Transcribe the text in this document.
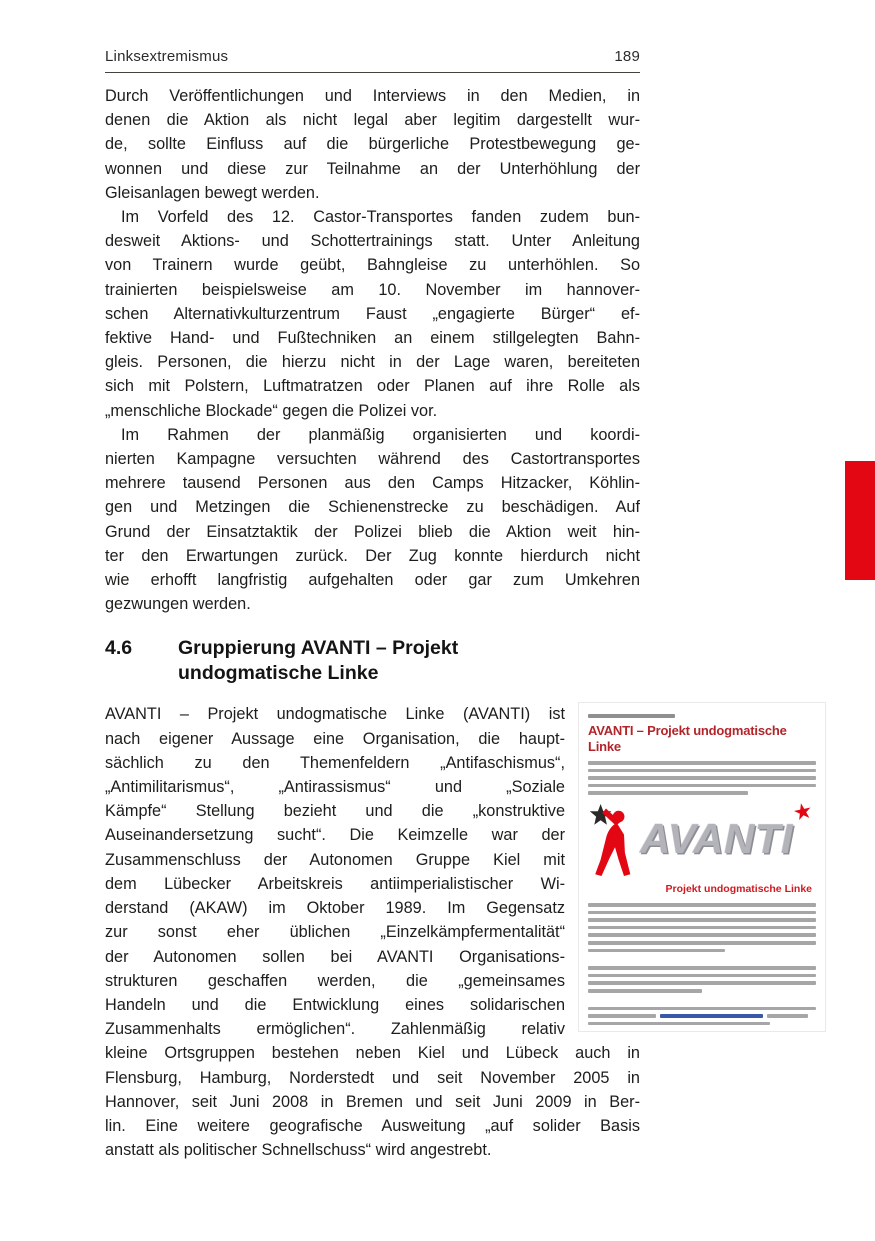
Linksextremismus	189
Durch Veröffentlichungen und Interviews in den Medien, in
denen die Aktion als nicht legal aber legitim dargestellt wur-
de, sollte Einfluss auf die bürgerliche Protestbewegung ge-
wonnen und diese zur Teilnahme an der Unterhöhlung der
Gleisanlagen bewegt werden.
Im Vorfeld des 12. Castor-Transportes fanden zudem bun-
desweit Aktions- und Schottertrainings statt. Unter Anleitung
von Trainern wurde geübt, Bahngleise zu unterhöhlen. So
trainierten beispielsweise am 10. November im hannover-
schen Alternativkulturzentrum Faust „engagierte Bürger“ ef-
fektive Hand- und Fußtechniken an einem stillgelegten Bahn-
gleis. Personen, die hierzu nicht in der Lage waren, bereiteten
sich mit Polstern, Luftmatratzen oder Planen auf ihre Rolle als
„menschliche Blockade“ gegen die Polizei vor.
Im Rahmen der planmäßig organisierten und koordi-
nierten Kampagne versuchten während des Castortransportes
mehrere tausend Personen aus den Camps Hitzacker, Köhlin-
gen und Metzingen die Schienenstrecke zu beschädigen. Auf
Grund der Einsatztaktik der Polizei blieb die Aktion weit hin-
ter den Erwartungen zurück. Der Zug konnte hierdurch nicht
wie erhofft langfristig aufgehalten oder gar zum Umkehren
gezwungen werden.
4.6	Gruppierung AVANTI – Projekt
undogmatische Linke
AVANTI – Projekt undogmatische Linke (AVANTI) ist
nach eigener Aussage eine Organisation, die haupt-
sächlich zu den Themenfeldern „Antifaschismus“,
„Antimilitarismus“, „Antirassismus“ und „Soziale
Kämpfe“ Stellung bezieht und die „konstruktive
Auseinandersetzung sucht“. Die Keimzelle war der
Zusammenschluss der Autonomen Gruppe Kiel mit
dem Lübecker Arbeitskreis antiimperialistischer Wi-
derstand (AKAW) im Oktober 1989. Im Gegensatz
zur sonst eher üblichen „Einzelkämpfermentalität“
der Autonomen sollen bei AVANTI Organisations-
strukturen geschaffen werden, die „gemeinsames
Handeln und die Entwicklung eines solidarischen
Zusammenhalts ermöglichen“. Zahlenmäßig relativ
AVANTI – Projekt undogmatische
Linke
AVANTI
★
Projekt undogmatische Linke
kleine Ortsgruppen bestehen neben Kiel und Lübeck auch in
Flensburg, Hamburg, Norderstedt und seit November 2005 in
Hannover, seit Juni 2008 in Bremen und seit Juni 2009 in Ber-
lin. Eine weitere geografische Ausweitung „auf solider Basis
anstatt als politischer Schnellschuss“ wird angestrebt.
